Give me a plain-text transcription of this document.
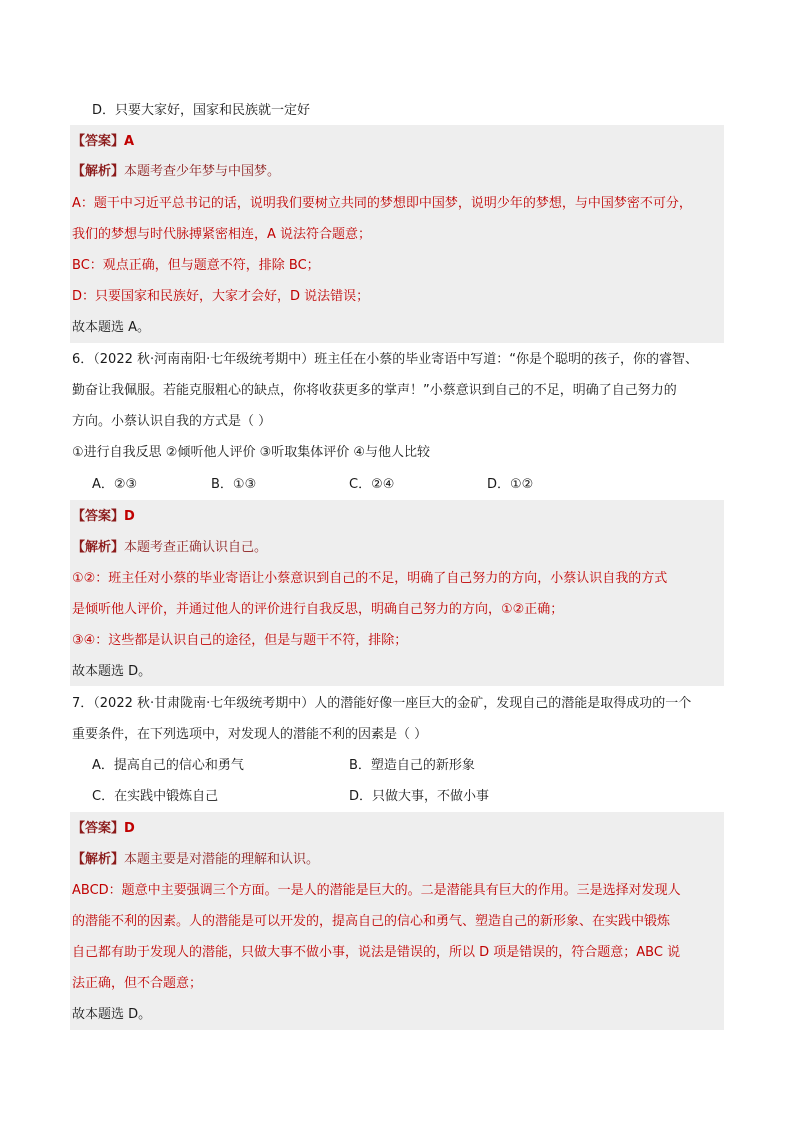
D．只要大家好，国家和民族就一定好
【答案】A
【解析】本题考查少年梦与中国梦。
A：题干中习近平总书记的话，说明我们要树立共同的梦想即中国梦，说明少年的梦想，与中国梦密不可分，
我们的梦想与时代脉搏紧密相连，A 说法符合题意；
BC：观点正确，但与题意不符，排除 BC；
D：只要国家和民族好，大家才会好，D 说法错误；
故本题选 A。
6．（2022 秋·河南南阳·七年级统考期中）班主任在小蔡的毕业寄语中写道：“你是个聪明的孩子，你的睿智、
勤奋让我佩服。若能克服粗心的缺点，你将收获更多的掌声！”小蔡意识到自己的不足，明确了自己努力的
方向。小蔡认识自我的方式是（ ）
①进行自我反思 ②倾听他人评价 ③听取集体评价 ④与他人比较
A．②③	B．①③	C．②④	D．①②
【答案】D
【解析】本题考查正确认识自己。
①②：班主任对小蔡的毕业寄语让小蔡意识到自己的不足，明确了自己努力的方向，小蔡认识自我的方式
是倾听他人评价，并通过他人的评价进行自我反思，明确自己努力的方向，①②正确；
③④：这些都是认识自己的途径，但是与题干不符，排除；
故本题选 D。
7．（2022 秋·甘肃陇南·七年级统考期中）人的潜能好像一座巨大的金矿，发现自己的潜能是取得成功的一个
重要条件，在下列选项中，对发现人的潜能不利的因素是（ ）
A．提高自己的信心和勇气	B．塑造自己的新形象
C．在实践中锻炼自己	D．只做大事，不做小事
【答案】D
【解析】本题主要是对潜能的理解和认识。
ABCD：题意中主要强调三个方面。一是人的潜能是巨大的。二是潜能具有巨大的作用。三是选择对发现人
的潜能不利的因素。人的潜能是可以开发的，提高自己的信心和勇气、塑造自己的新形象、在实践中锻炼
自己都有助于发现人的潜能，只做大事不做小事，说法是错误的，所以 D 项是错误的，符合题意；ABC 说
法正确，但不合题意；
故本题选 D。
